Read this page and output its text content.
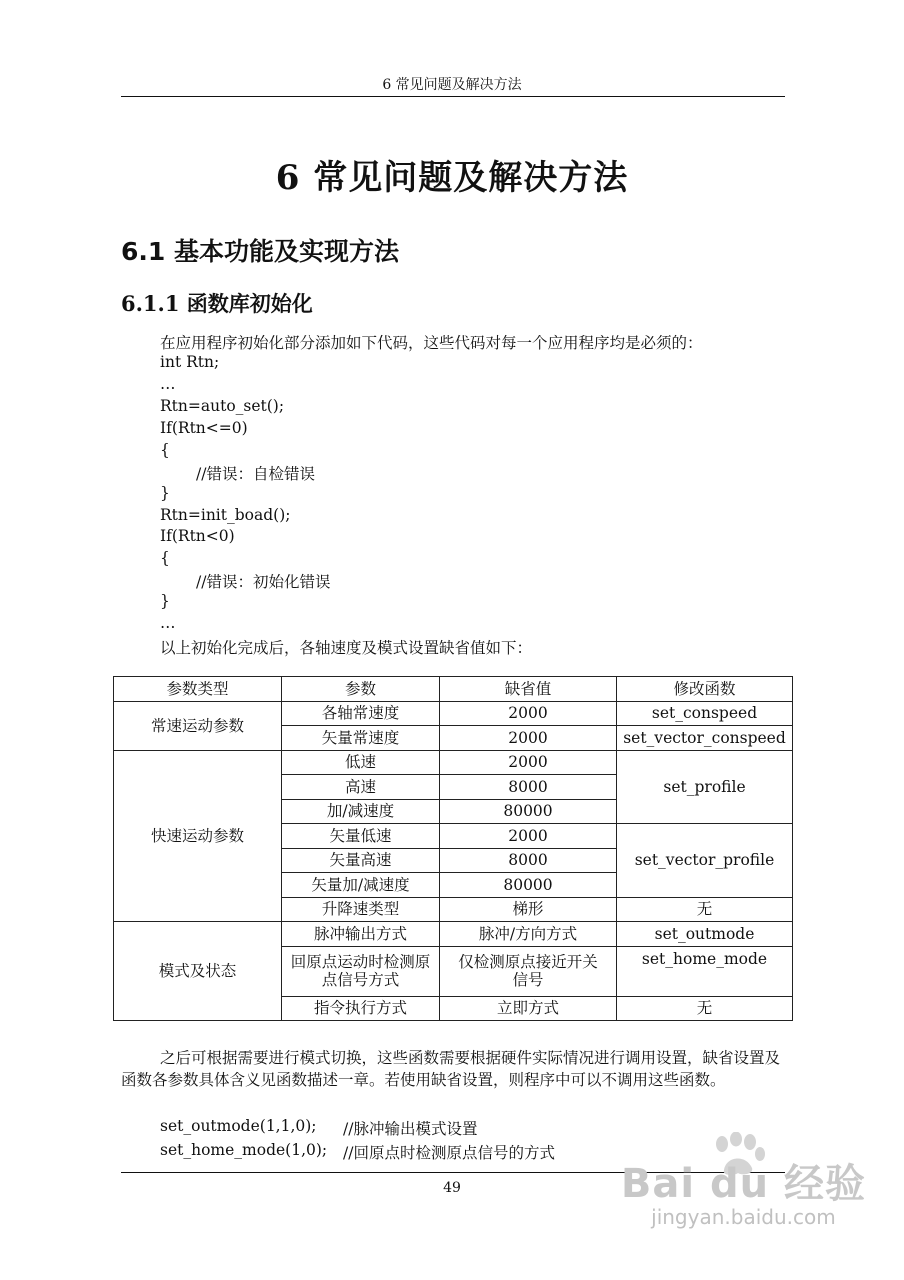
6 常见问题及解决方法
6 常见问题及解决方法
6.1 基本功能及实现方法
6.1.1 函数库初始化
在应用程序初始化部分添加如下代码，这些代码对每一个应用程序均是必须的：
int Rtn;
…
Rtn=auto_set();
If(Rtn<=0)
{
//错误：自检错误
}
Rtn=init_boad();
If(Rtn<0)
{
//错误：初始化错误
}
…
以上初始化完成后，各轴速度及模式设置缺省值如下：
参数类型	参数	缺省值	修改函数
常速运动参数	各轴常速度	2000	set_conspeed
	矢量常速度	2000	set_vector_conspeed
快速运动参数	低速	2000	set_profile
	高速	8000	
	加/减速度	80000	
	矢量低速	2000	set_vector_profile
	矢量高速	8000	
	矢量加/减速度	80000	
	升降速类型	梯形	无
模式及状态	脉冲输出方式	脉冲/方向方式	set_outmode
	回原点运动时检测原点信号方式	仅检测原点接近开关信号	set_home_mode
	指令执行方式	立即方式	无
之后可根据需要进行模式切换，这些函数需要根据硬件实际情况进行调用设置，缺省设置及函数各参数具体含义见函数描述一章。若使用缺省设置，则程序中可以不调用这些函数。
set_outmode(1,1,0); //脉冲输出模式设置
set_home_mode(1,0); //回原点时检测原点信号的方式
49	Bai du 经验
jingyan.baidu.com
